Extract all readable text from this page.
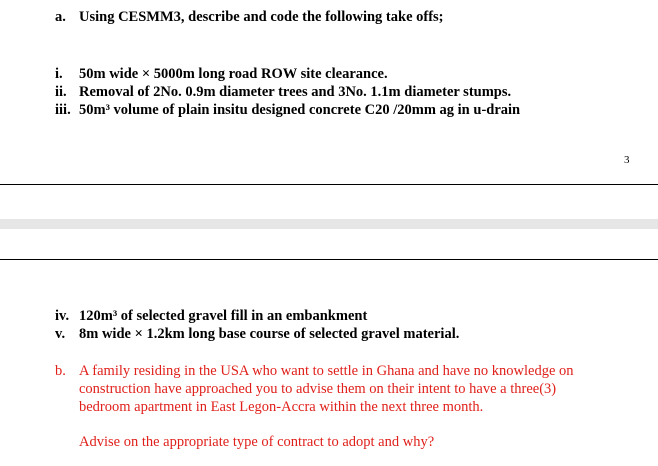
a. Using CESMM3, describe and code the following take offs;
i. 50m wide × 5000m long road ROW site clearance.
ii. Removal of 2No. 0.9m diameter trees and 3No. 1.1m diameter stumps.
iii. 50m³ volume of plain insitu designed concrete C20 /20mm ag in u-drain
3
iv. 120m³ of selected gravel fill in an embankment
v. 8m wide × 1.2km long base course of selected gravel material.
b. A family residing in the USA who want to settle in Ghana and have no knowledge on
construction have approached you to advise them on their intent to have a three(3)
bedroom apartment in East Legon-Accra within the next three month.
Advise on the appropriate type of contract to adopt and why?
